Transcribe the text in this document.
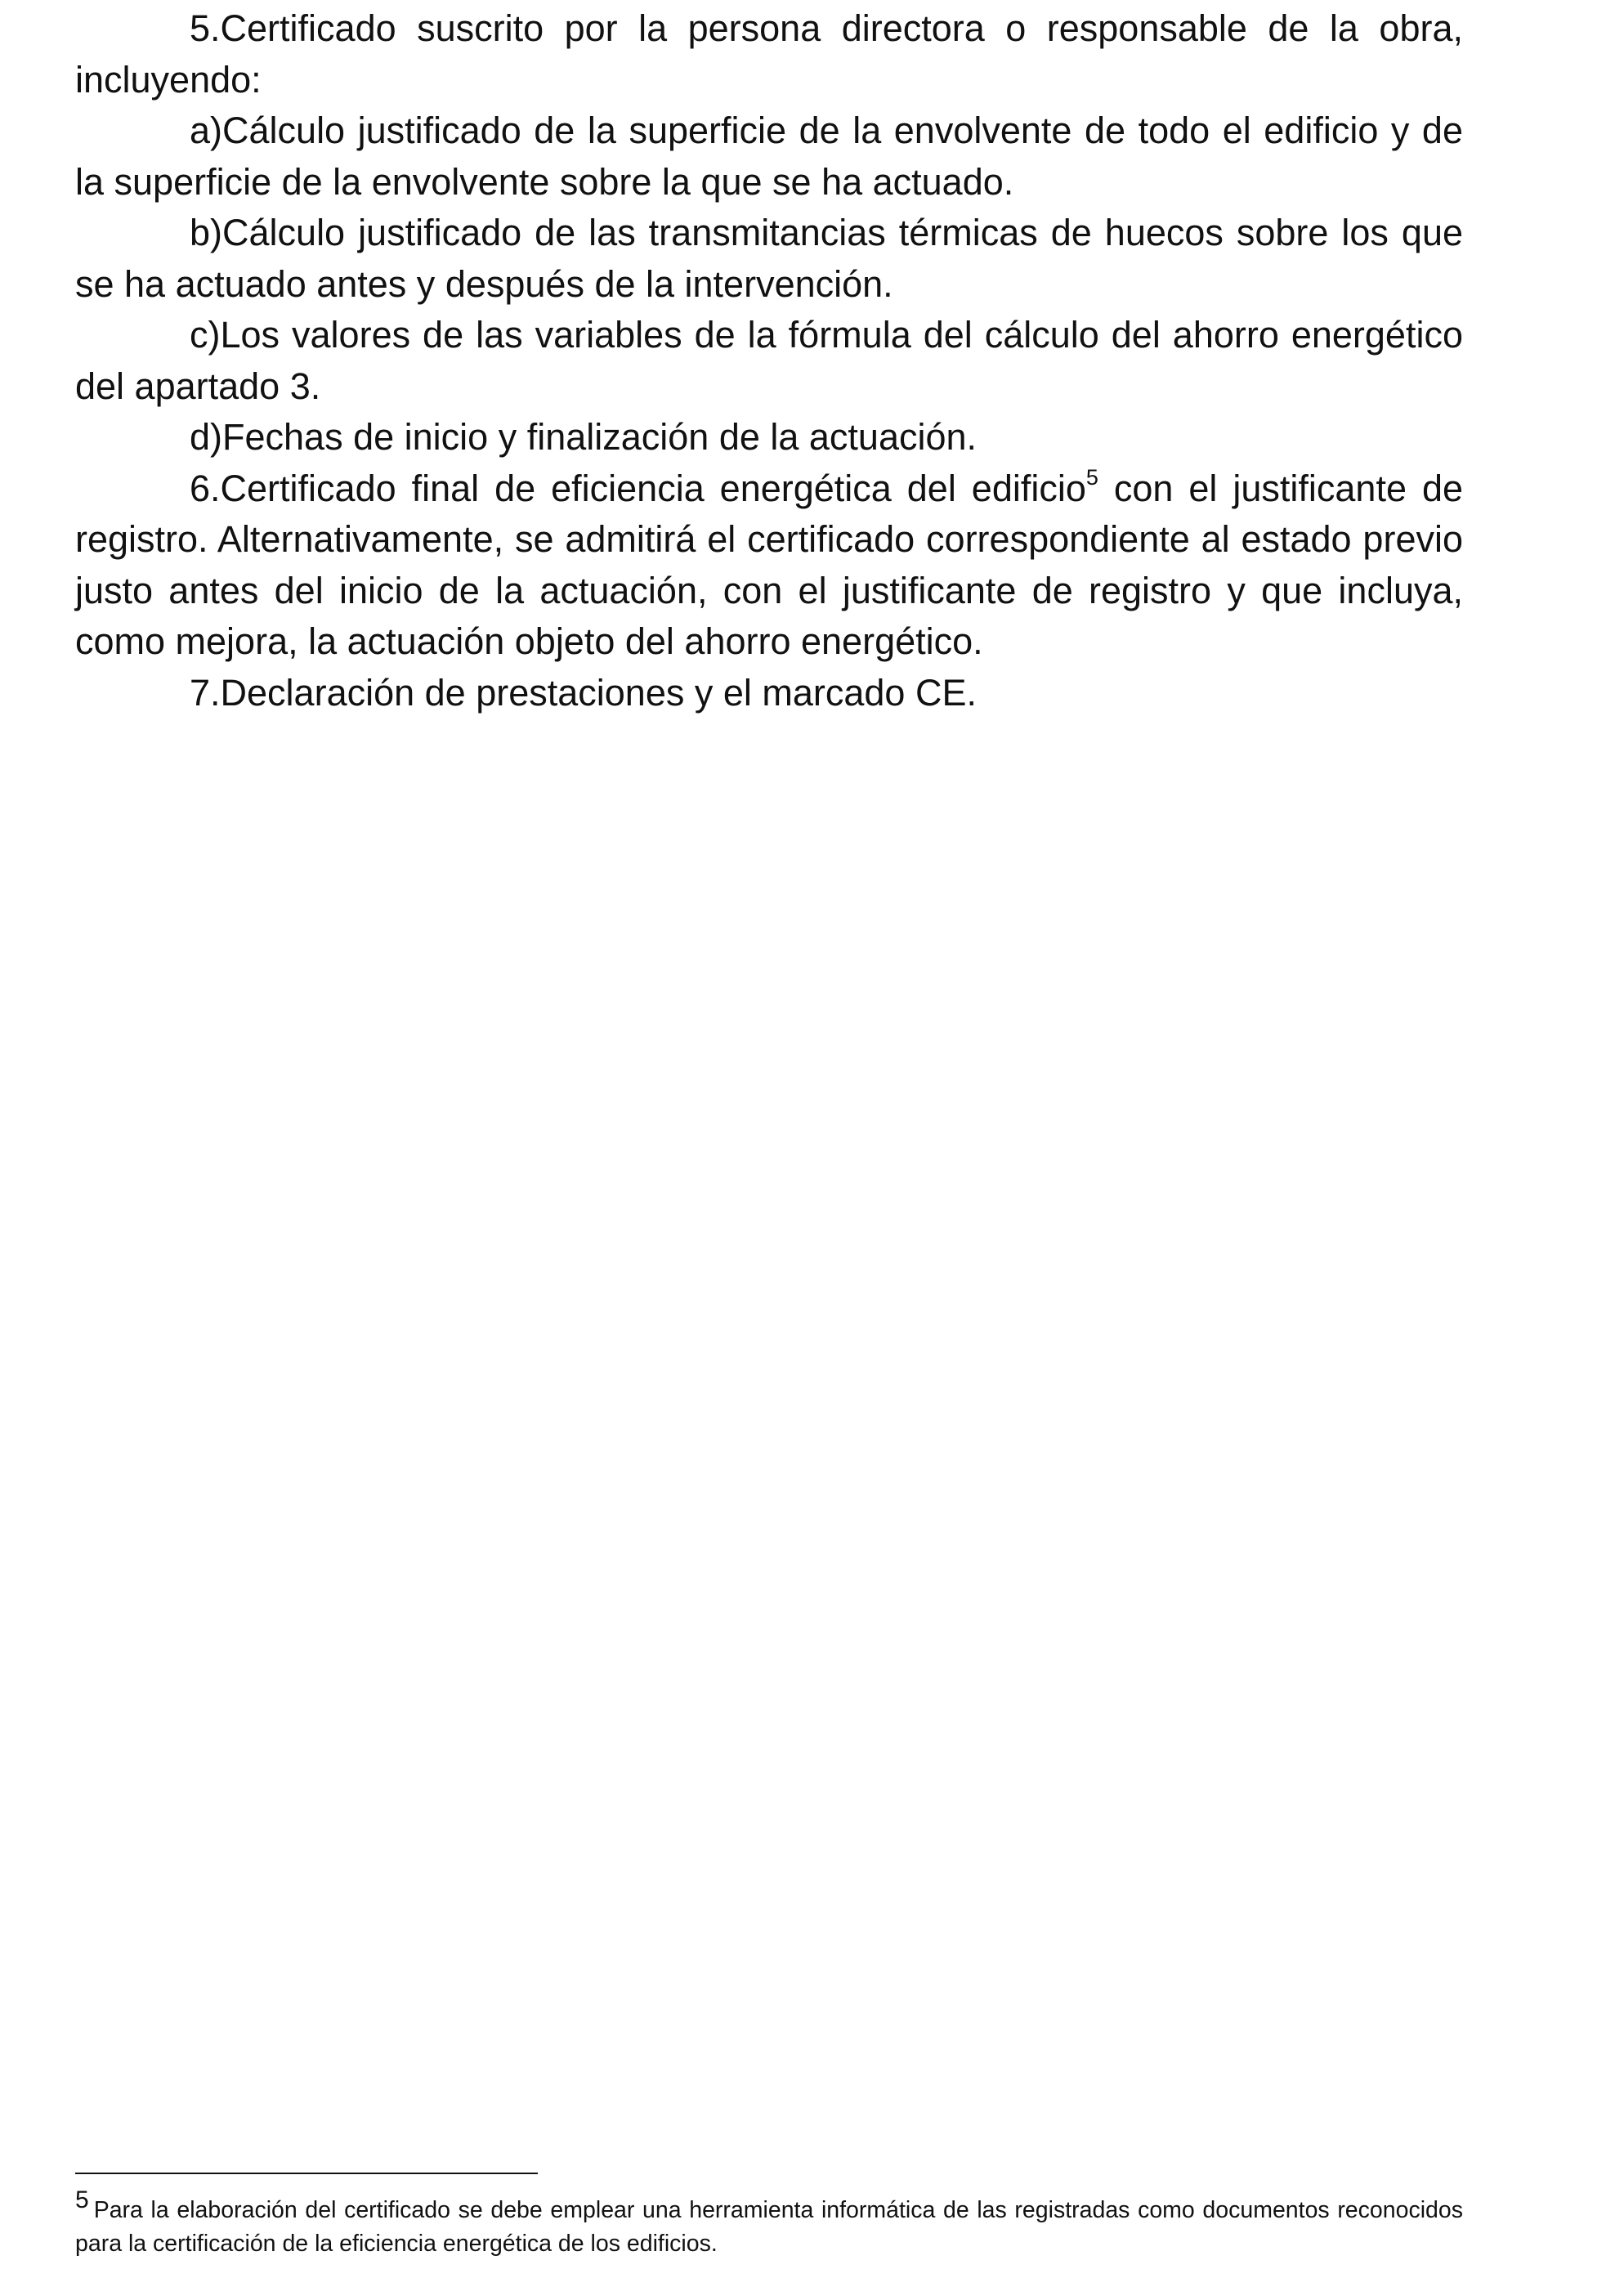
5.Certificado suscrito por la persona directora o responsable de la obra, incluyendo:

a)Cálculo justificado de la superficie de la envolvente de todo el edificio y de la superficie de la envolvente sobre la que se ha actuado.

b)Cálculo justificado de las transmitancias térmicas de huecos sobre los que se ha actuado antes y después de la intervención.

c)Los valores de las variables de la fórmula del cálculo del ahorro energético del apartado 3.

d)Fechas de inicio y finalización de la actuación.

6.Certificado final de eficiencia energética del edificio$^5$ con el justificante de registro. Alternativamente, se admitirá el certificado correspondiente al estado previo justo antes del inicio de la actuación, con el justificante de registro y que incluya, como mejora, la actuación objeto del ahorro energético.

7.Declaración de prestaciones y el marcado CE.

5 Para la elaboración del certificado se debe emplear una herramienta informática de las registradas como documentos reconocidos para la certificación de la eficiencia energética de los edificios.
